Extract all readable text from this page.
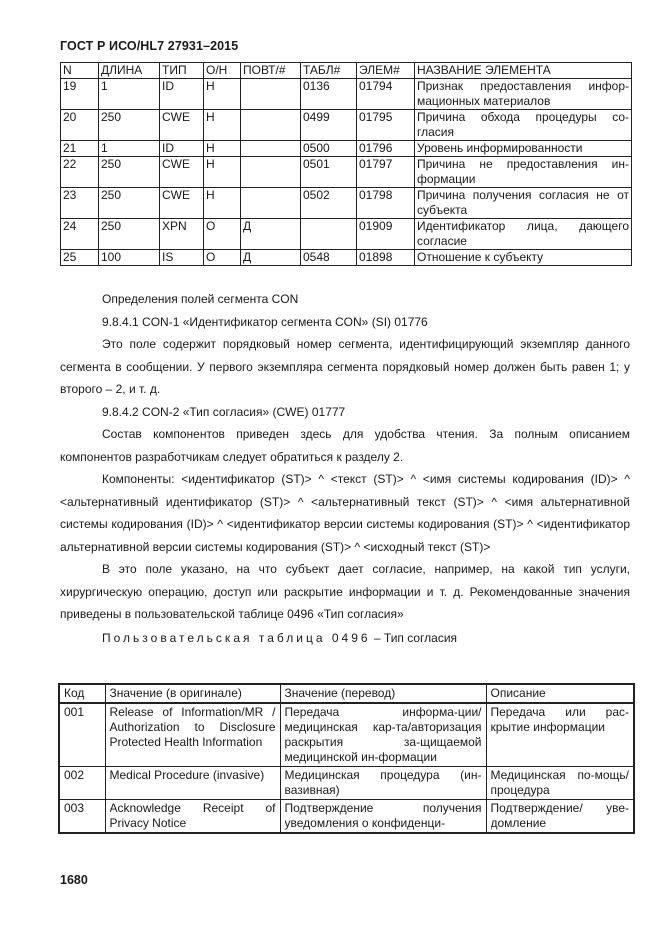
ГОСТ Р ИСО/HL7 27931–2015
N	ДЛИНА	ТИП	О/Н	ПОВТ/#	ТАБЛ#	ЭЛЕМ#	НАЗВАНИЕ ЭЛЕМЕНТА
19	1	ID	Н		0136	01794	Признак предоставления инфор-мационных материалов
20	250	CWE	Н		0499	01795	Причина обхода процедуры со-гласия
21	1	ID	Н		0500	01796	Уровень информированности
22	250	CWE	Н		0501	01797	Причина не предоставления ин-формации
23	250	CWE	Н		0502	01798	Причина получения согласия не от субъекта
24	250	XPN	О	Д		01909	Идентификатор лица, дающего согласие
25	100	IS	О	Д	0548	01898	Отношение к субъекту

Определения полей сегмента CON

9.8.4.1 CON-1 «Идентификатор сегмента CON» (SI) 01776

Это поле содержит порядковый номер сегмента, идентифицирующий экземпляр данного сегмента в сообщении. У первого экземпляра сегмента порядковый номер должен быть равен 1; у второго – 2, и т. д.

9.8.4.2 CON-2 «Тип согласия» (CWE) 01777

Состав компонентов приведен здесь для удобства чтения. За полным описанием компонентов разработчикам следует обратиться к разделу 2.

Компоненты: <идентификатор (ST)> ^ <текст (ST)> ^ <имя системы кодирования (ID)> ^ <альтернативный идентификатор (ST)> ^ <альтернативный текст (ST)> ^ <имя альтернативной системы кодирования (ID)> ^ <идентификатор версии системы кодирования (ST)> ^ <идентификатор альтернативной версии системы кодирования (ST)> ^ <исходный текст (ST)>

В это поле указано, на что субъект дает согласие, например, на какой тип услуги, хирургическую операцию, доступ или раскрытие информации и т. д. Рекомендованные значения приведены в пользовательской таблице 0496 «Тип согласия»

Пользовательская таблица 0496 – Тип согласия

Код	Значение (в оригинале)	Значение (перевод)	Описание
001	Release of Information/MR / Authorization to Disclosure Protected Health Information	Передача информа-ции/медицинская кар-та/авторизация раскрытия за-щищаемой медицинской ин-формации	Передача или рас-крытие информации
002	Medical Procedure (invasive)	Медицинская процедура (ин-вазивная)	Медицинская по-мощь/ процедура

003	Acknowledge Receipt of Privacy Notice	Подтверждение получения уведомления о конфиденци-	Подтверждение/ уве-домление
1680
